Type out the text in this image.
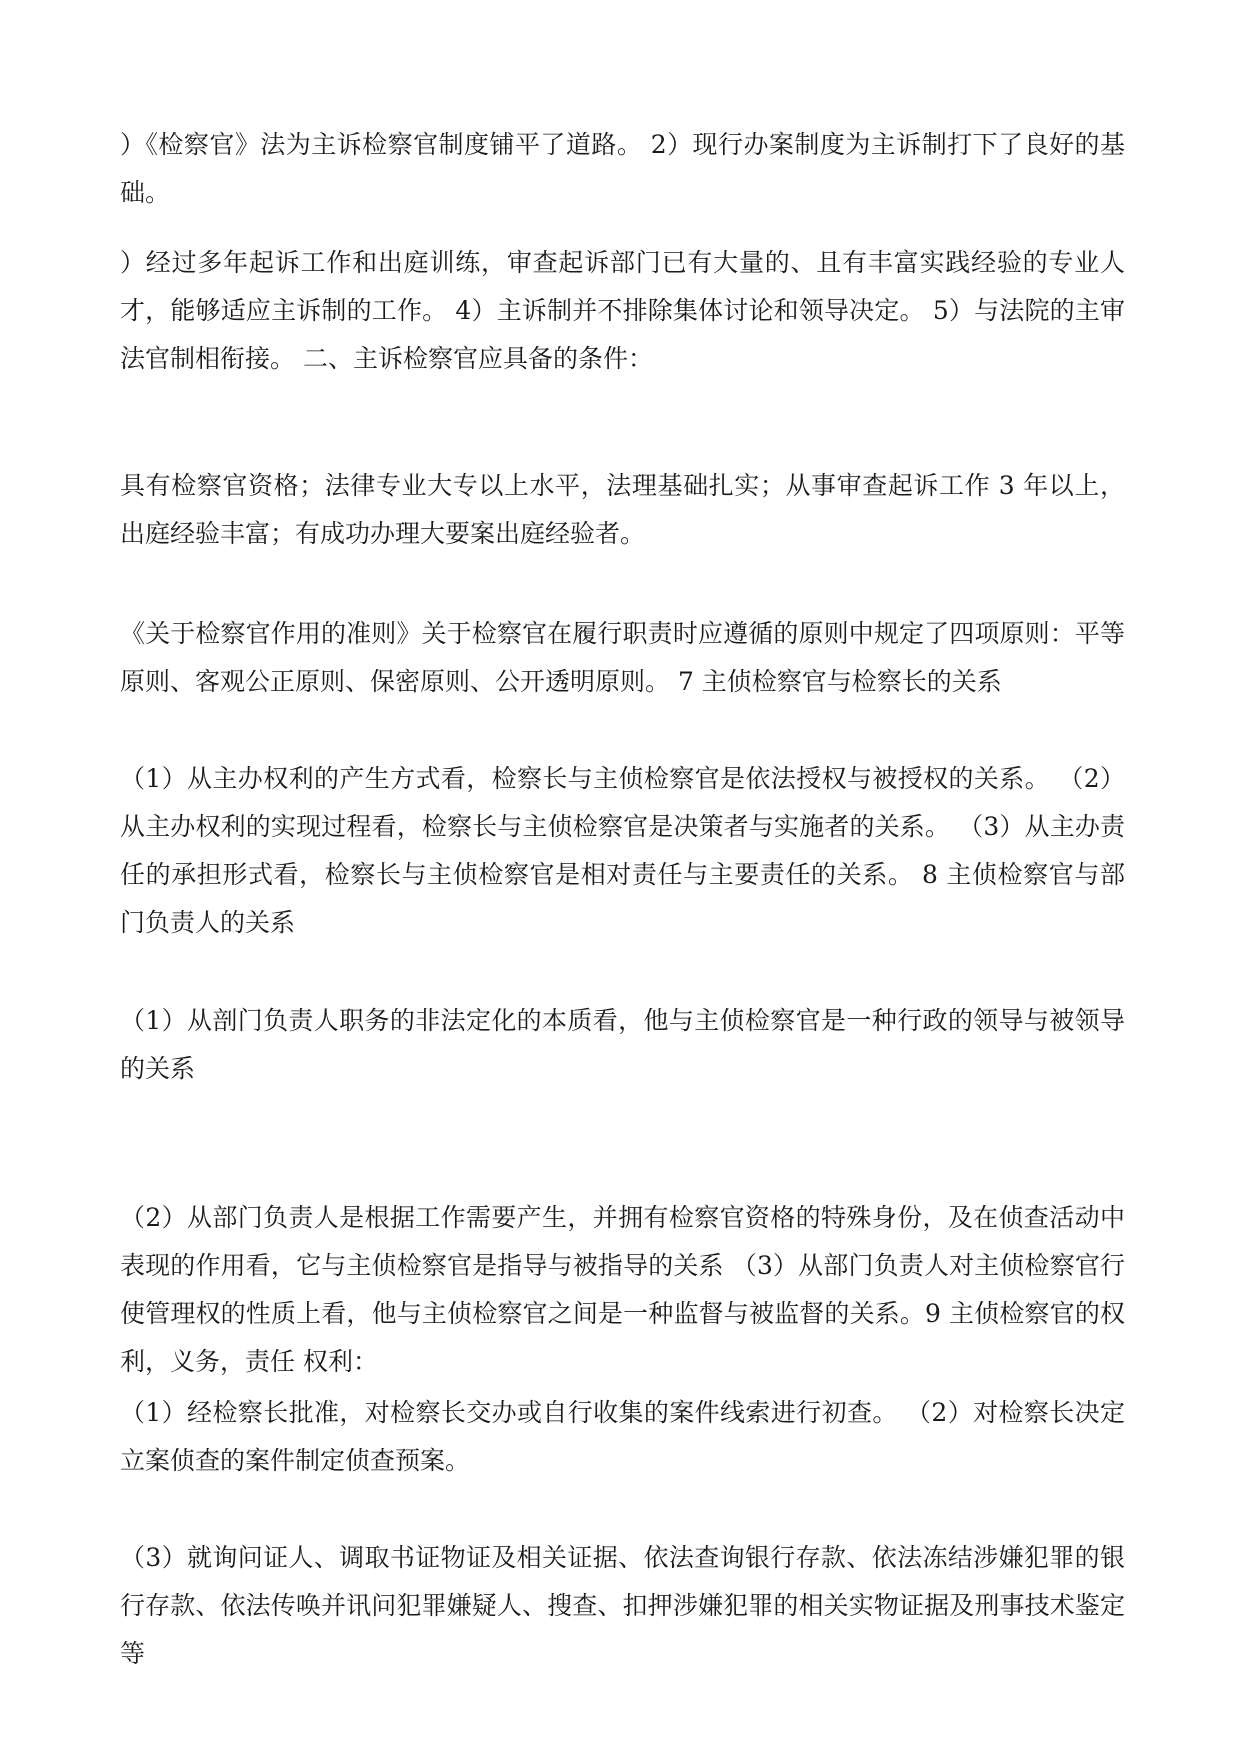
）《检察官》法为主诉检察官制度铺平了道路。 2）现行办案制度为主诉制打下了良好的基础。

）经过多年起诉工作和出庭训练，审查起诉部门已有大量的、且有丰富实践经验的专业人才，能够适应主诉制的工作。 4）主诉制并不排除集体讨论和领导决定。 5）与法院的主审法官制相衔接。 二、主诉检察官应具备的条件：

具有检察官资格；法律专业大专以上水平，法理基础扎实；从事审查起诉工作 3 年以上，出庭经验丰富；有成功办理大要案出庭经验者。

《关于检察官作用的准则》关于检察官在履行职责时应遵循的原则中规定了四项原则：平等原则、客观公正原则、保密原则、公开透明原则。 7 主侦检察官与检察长的关系

（1）从主办权利的产生方式看，检察长与主侦检察官是依法授权与被授权的关系。 （2）从主办权利的实现过程看，检察长与主侦检察官是决策者与实施者的关系。 （3）从主办责任的承担形式看，检察长与主侦检察官是相对责任与主要责任的关系。 8 主侦检察官与部门负责人的关系

（1）从剖门负责人职务的非法定化的本质看，他与主侦检察官是一种行政的领导与被领导的关系

（2）从部门负责人是根据工作需要产生，并拥有检察官资格的特殊身份，及在侦查活动中表现的作用看，它与主侦检察官是指导与被指导的关系 （3）从部门负责人对主侦检察官行使管理权的性质上看，他与主侦检察官之间是一种监督与被监督的关系。9 主侦检察官的权利，义务，责任 权利：

（1）经检察长批准，对检察长交办或自行收集的案件线索进行初查。 （2）对检察长决定立案侦查的案件制定侦查预案。

（3）就询问证人、调取书证物证及相关证据、依法查询银行存款、依法冻结涉嫌犯罪的银行存款、依法传唤并讯问犯罪嫌疑人、搜查、扣押涉嫌犯罪的相关实物证据及刑事技术鉴定等
